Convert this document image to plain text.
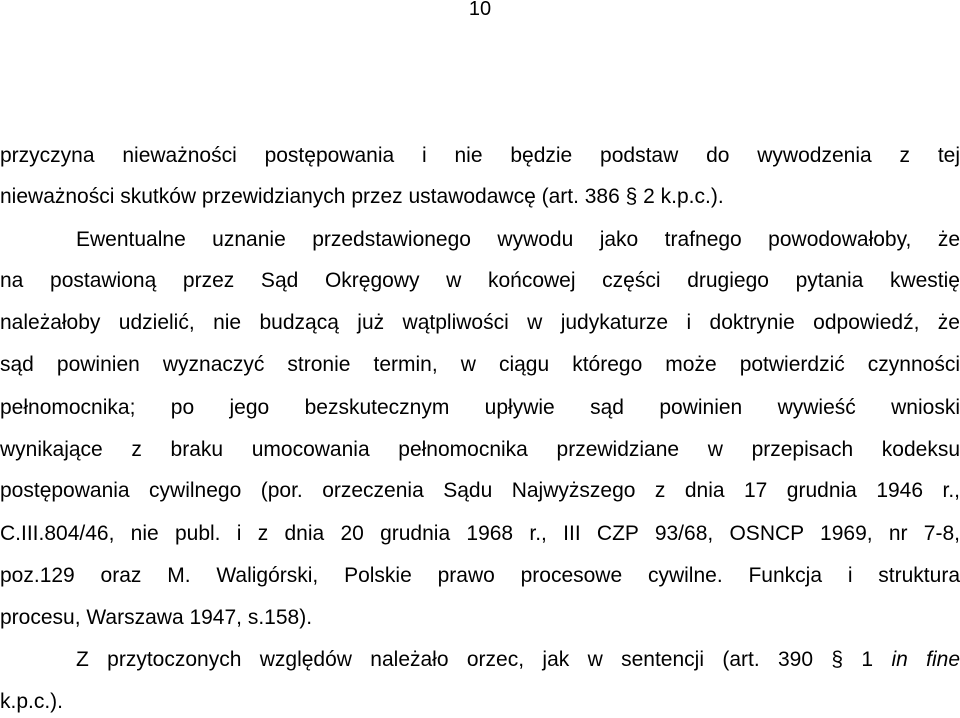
10
przyczyna nieważności postępowania i nie będzie podstaw do wywodzenia z tej
nieważności skutków przewidzianych przez ustawodawcę (art. 386 § 2 k.p.c.).
Ewentualne uznanie przedstawionego wywodu jako trafnego powodowałoby, że
na postawioną przez Sąd Okręgowy w końcowej części drugiego pytania kwestię
należałoby udzielić, nie budzącą już wątpliwości w judykaturze i doktrynie odpowiedź, że
sąd powinien wyznaczyć stronie termin, w ciągu którego może potwierdzić czynności
pełnomocnika; po jego bezskutecznym upływie sąd powinien wywieść wnioski
wynikające z braku umocowania pełnomocnika przewidziane w przepisach kodeksu
postępowania cywilnego (por. orzeczenia Sądu Najwyższego z dnia 17 grudnia 1946 r.,
C.III.804/46, nie publ. i z dnia 20 grudnia 1968 r., III CZP 93/68, OSNCP 1969, nr 7-8,
poz.129 oraz M. Waligórski, Polskie prawo procesowe cywilne. Funkcja i struktura
procesu, Warszawa 1947, s.158).
Z przytoczonych względów należało orzec, jak w sentencji (art. 390 § 1 in fine
k.p.c.).
